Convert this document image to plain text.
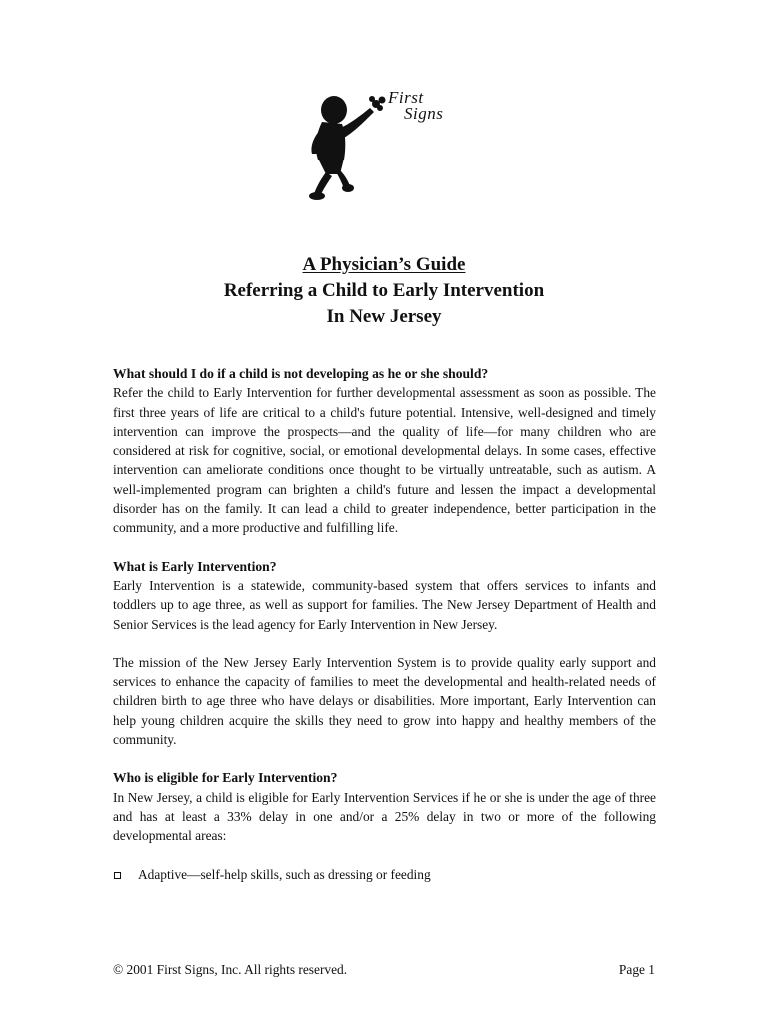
First
Signs
A Physician’s Guide
Referring a Child to Early Intervention
In New Jersey
What should I do if a child is not developing as he or she should?

Refer the child to Early Intervention for further developmental assessment as soon as possible. The first three years of life are critical to a child's future potential. Intensive, well-designed and timely intervention can improve the prospects—and the quality of life—for many children who are considered at risk for cognitive, social, or emotional developmental delays. In some cases, effective intervention can ameliorate conditions once thought to be virtually untreatable, such as autism. A well-implemented program can brighten a child's future and lessen the impact a developmental disorder has on the family. It can lead a child to greater independence, better participation in the community, and a more productive and fulfilling life.

What is Early Intervention?

Early Intervention is a statewide, community-based system that offers services to infants and toddlers up to age three, as well as support for families. The New Jersey Department of Health and Senior Services is the lead agency for Early Intervention in New Jersey.

The mission of the New Jersey Early Intervention System is to provide quality early support and services to enhance the capacity of families to meet the developmental and health-related needs of children birth to age three who have delays or disabilities. More important, Early Intervention can help young children acquire the skills they need to grow into happy and healthy members of the community.

Who is eligible for Early Intervention?

In New Jersey, a child is eligible for Early Intervention Services if he or she is under the age of three and has at least a 33% delay in one and/or a 25% delay in two or more of the following developmental areas:

Adaptive—self-help skills, such as dressing or feeding
© 2001 First Signs, Inc. All rights reserved.	Page 1
